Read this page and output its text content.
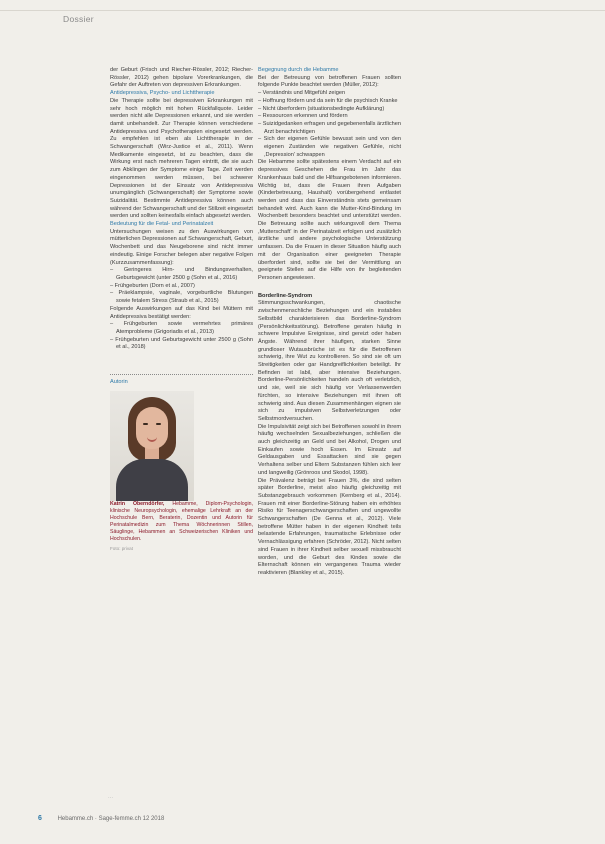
Dossier

der Geburt (Frisch und Riecher-Rössler, 2012; Riecher-Rössler, 2012) gehen bipolare Vorerkrankungen, die Gefahr der Auftreten von depressiven Erkrankungen.

Antidepressiva, Psycho- und Lichttherapie

Die Therapie sollte bei depressiven Erkrankungen mit sehr hoch möglich mit hohen Rückfallquote. Leider werden nicht alle Depressionen erkannt, und sie werden damit unbehandelt. Zur Therapie können verschiedene Antidepressiva und Psychotherapien eingesetzt werden. Zu empfehlen ist eben als Lichttherapie in der Schwangerschaft (Wirz-Justice et al., 2011). Wenn Medikamente eingesetzt, ist zu beachten, dass die Wirkung erst nach mehreren Tagen eintritt, die sie auch zum Abklingen der Symptome einige Tage. Zeit werden eingenommen werden müssen, bei schwerer Depressionen ist der Einsatz von Antidepressiva unumgänglich (Schwangerschaft) der Symptome sowie Suizidalität. Bestimmte Antidepressiva können auch während der Schwangerschaft und der Stillzeit eingesetzt werden und sollten keinesfalls einfach abgesetzt werden.

Bedeutung für die Fetal- und Perinatalzeit

Untersuchungen weisen zu den Auswirkungen von mütterlichen Depressionen auf Schwangerschaft, Geburt, Wochenbett und das Neugeborene sind nicht immer eindeutig. Einige Forscher belegen aber negative Folgen (Kurzzusammenfassung):

– Geringeres Hirn- und Bindungsverhalten, Geburtsgewicht (unter 2500 g (Sohn et al., 2016)
– Frühgeburten (Dorn et al., 2007)
– Präeklampsie, vaginale, vorgeburtliche Blutungen sowie fetalem Stress (Straub et al., 2015)

Folgende Auswirkungen auf das Kind bei Müttern mit Antidepressiva bestätigt werden:

– Frühgeburten sowie vermehrtes primäres Atemprobleme (Grigoriadis et al., 2013)
– Frühgeburten und Geburtsgewicht unter 2500 g (Sohn et al., 2018)
Autorin
Katrin Oberndörfer, Hebamme, Diplom-Psychologin, klinische Neuropsychologin, ehemalige Lehrkraft an der Hochschule Bern, Beraterin, Dozentin und Autorin für Perinatalmedizin zum Thema Wöchnerinnen Stillen, Säuglinge, Hebammen an Schweizerischen Kliniken und Hochschulen.
Foto: privat

Begegnung durch die Hebamme

Bei der Betreuung von betroffenen Frauen sollten folgende Punkte beachtet werden (Müller, 2012):

– Verständnis und Mitgefühl zeigen
– Hoffnung fördern und da sein für die psychisch Kranke
– Nicht überfordern (situationsbedingte Aufklärung)
– Ressourcen erkennen und fördern
– Suizidgedanken erfragen und gegebenenfalls ärztlichen Arzt benachrichtigen
– Sich der eigenen Gefühle bewusst sein und von den eigenen Zuständen wie negativen Gefühle, nicht ,Depression' schwappen

Die Hebamme sollte spätestens einem Verdacht auf ein depressives Geschehen die Frau im Jahr das Krankenhaus bald und die Hilfsangebotenen informieren. Wichtig ist, dass die Frauen ihren Aufgaben (Kinderbetreuung, Haushalt) vorübergehend entlastet werden und dass das Einverständnis stets gemeinsam behandelt wird. Auch kann die Mutter-Kind-Bindung im Wochenbett besonders beachtet und unterstützt werden. Die Betreuung sollte auch wirkungsvoll dem Thema ,Mutterschaft' in der Perinatalzeit erfolgen und zusätzlich ärztliche und andere psychologische Unterstützung umfassen. Da die Frauen in dieser Situation häufig auch mit der Organisation einer geeigneten Therapie überfordert sind, sollte sie bei der Vermittlung an geeignete Stellen auf die Hilfe von ihr begleitenden Personen angewiesen.

Borderline-Syndrom

Stimmungsschwankungen, chaotische zwischenmenschliche Beziehungen und ein instabiles Selbstbild charakterisieren das Borderline-Syndrom (Persönlichkeitsstörung). Betroffene geraten häufig in schwere Impulsive Ereignisse, sind gereizt oder haben Ängste. Während ihrer häufigen, starken Sinne grundloser Wutausbrüche ist es für die Betroffenen schwierig, ihre Wut zu kontrollieren. So sind sie oft um Streitigkeiten oder gar Handgreiflichkeiten beteiligt. Ihr Befinden ist labil, aber intensive Beziehungen. Borderline-Persönlichkeiten handeln auch oft verletzlich, und sie, weil sie sich häufig vor Verlassenwerden fürchten, so intensive Beziehungen mit ihnen oft schwierig sind. Aus diesen Zusammenhängen eignen sie sich zu impulsiven Selbstverletzungen oder Selbstmordversuchen.

Die Impulsivität zeigt sich bei Betroffenen sowohl in ihrem häufig wechselnden Sexualbeziehungen, schließen die auch gleichzeitig an Geld und bei Alkohol, Drogen und Einkaufen sowie hoch Essen. Im Einsatz auf Geldausgaben und Essattacken sind sie gegen Verhaltens selber und Eltern Substanzen fühlen sich leer und langweilig (Grönroos und Skodol, 1998).

Die Prävalenz beträgt bei Frauen 3%, die sind selten später Borderline, meist also häufig gleichzeitig mit Substanzgebrauch vorkommen (Kernberg et al., 2014). Frauen mit einer Borderline-Störung haben ein erhöhtes Risiko für Teenagerschwangerschaften und ungewollte Schwangerschaften (De Genna et al., 2012). Viele betroffene Mütter haben in der eigenen Kindheit teils belastende Erfahrungen, traumatische Erlebnisse oder Vernachlässigung erfahren (Schröder, 2012). Nicht selten sind Frauen in ihrer Kindheit selber sexuell missbraucht worden, und die Geburt des Kindes sowie die Elternschaft können ein vergangenes Trauma wieder reaktivieren (Blankley et al., 2015).

···
6	Hebamme.ch · Sage-femme.ch 12 2018
